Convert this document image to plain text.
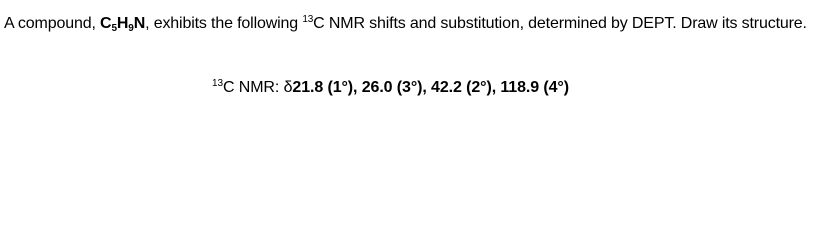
A compound, $C_5H_9N$, exhibits the following $^{13}$C NMR shifts and substitution, determined by DEPT. Draw its structure.

$^{13}$C NMR: δ21.8 (1°), 26.0 (3°), 42.2 (2°), 118.9 (4°)
